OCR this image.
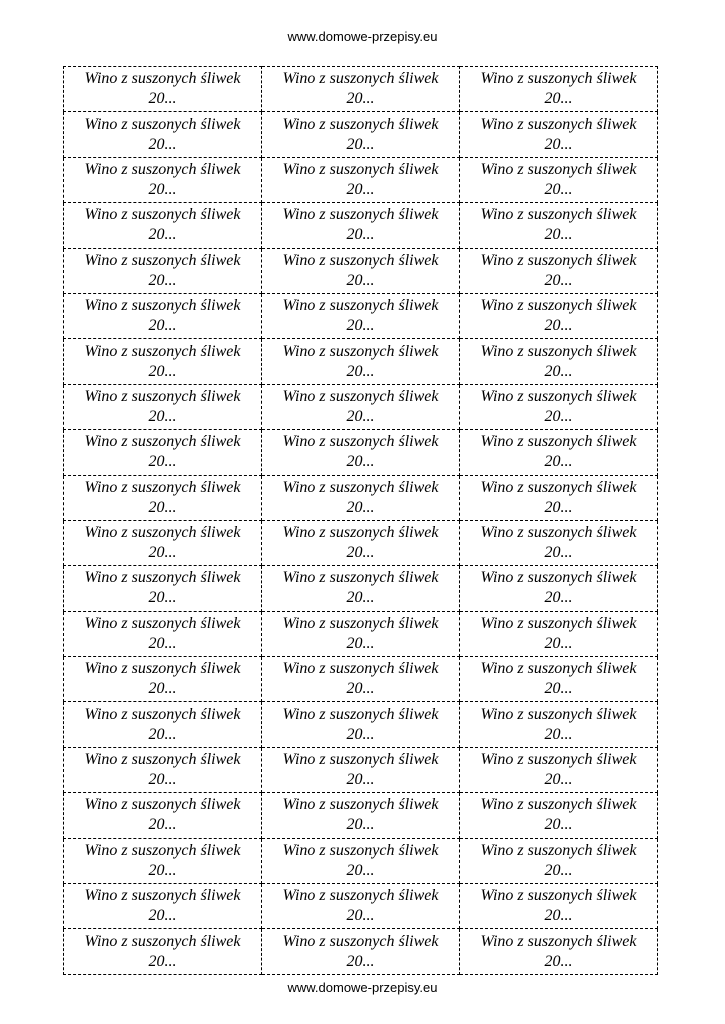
www.domowe-przepisy.eu
Wino z suszonych śliwek
20...	Wino z suszonych śliwek
20...	Wino z suszonych śliwek
20...

Wino z suszonych śliwek
20...	Wino z suszonych śliwek
20...	Wino z suszonych śliwek
20...

Wino z suszonych śliwek
20...	Wino z suszonych śliwek
20...	Wino z suszonych śliwek
20...

Wino z suszonych śliwek
20...	Wino z suszonych śliwek
20...	Wino z suszonych śliwek
20...

Wino z suszonych śliwek
20...	Wino z suszonych śliwek
20...	Wino z suszonych śliwek
20...

Wino z suszonych śliwek
20...	Wino z suszonych śliwek
20...	Wino z suszonych śliwek
20...

Wino z suszonych śliwek
20...	Wino z suszonych śliwek
20...	Wino z suszonych śliwek
20...

Wino z suszonych śliwek
20...	Wino z suszonych śliwek
20...	Wino z suszonych śliwek
20...

Wino z suszonych śliwek
20...	Wino z suszonych śliwek
20...	Wino z suszonych śliwek
20...

Wino z suszonych śliwek
20...	Wino z suszonych śliwek
20...	Wino z suszonych śliwek
20...

Wino z suszonych śliwek
20...	Wino z suszonych śliwek
20...	Wino z suszonych śliwek
20...

Wino z suszonych śliwek
20...	Wino z suszonych śliwek
20...	Wino z suszonych śliwek
20...

Wino z suszonych śliwek
20...	Wino z suszonych śliwek
20...	Wino z suszonych śliwek
20...

Wino z suszonych śliwek
20...	Wino z suszonych śliwek
20...	Wino z suszonych śliwek
20...

Wino z suszonych śliwek
20...	Wino z suszonych śliwek
20...	Wino z suszonych śliwek
20...

Wino z suszonych śliwek
20...	Wino z suszonych śliwek
20...	Wino z suszonych śliwek
20...

Wino z suszonych śliwek
20...	Wino z suszonych śliwek
20...	Wino z suszonych śliwek
20...

Wino z suszonych śliwek
20...	Wino z suszonych śliwek
20...	Wino z suszonych śliwek
20...

Wino z suszonych śliwek
20...	Wino z suszonych śliwek
20...	Wino z suszonych śliwek
20...

Wino z suszonych śliwek
20...	Wino z suszonych śliwek
20...	Wino z suszonych śliwek
20...
www.domowe-przepisy.eu
